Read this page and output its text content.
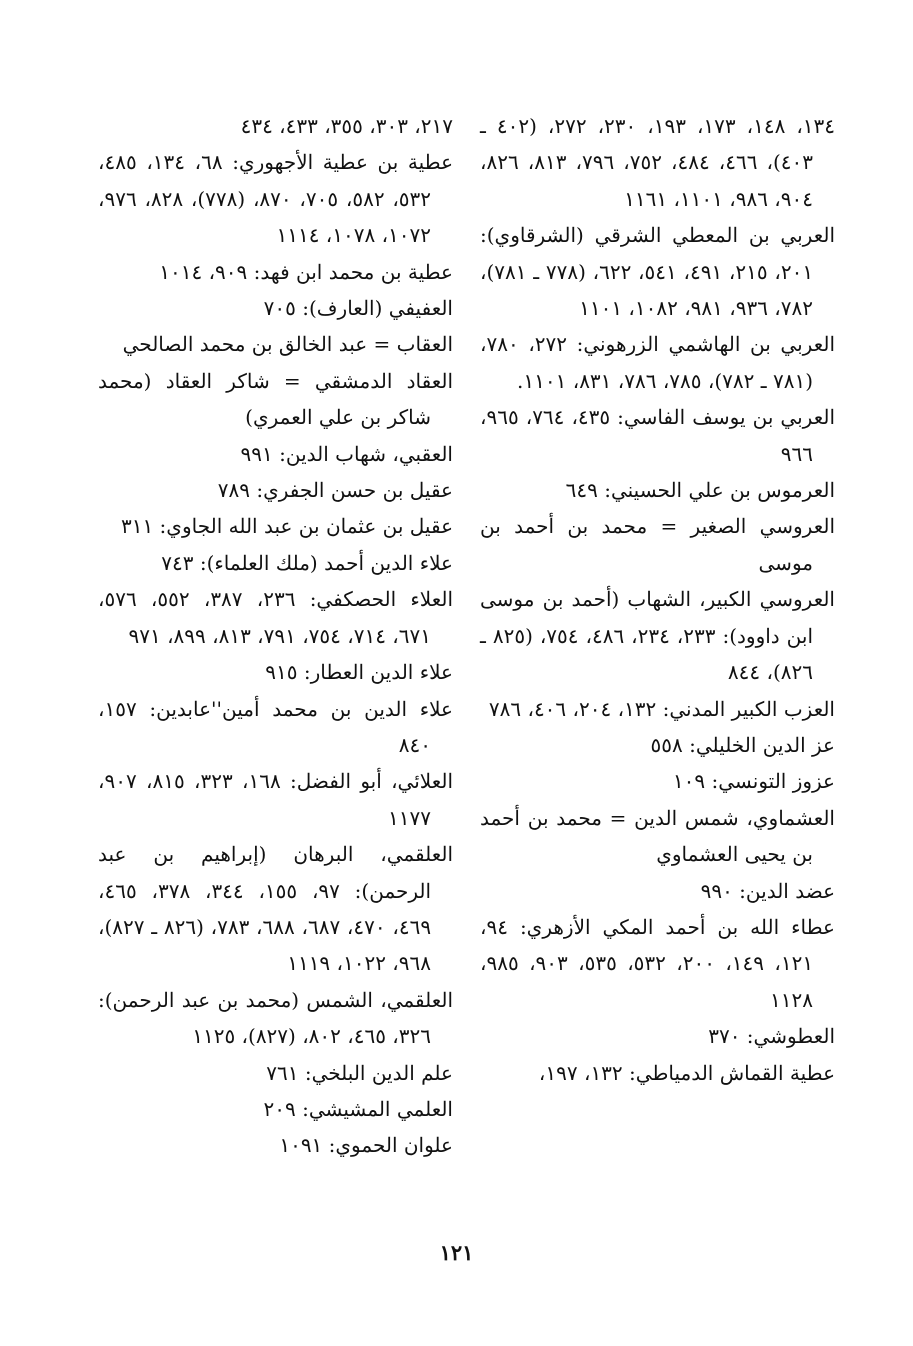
١٣٤، ١٤٨، ١٧٣، ١٩٣، ٢٣٠، ٢٧٢، (٤٠٢ ـ ٤٠٣)، ٤٦٦، ٤٨٤، ٧٥٢، ٧٩٦، ٨١٣، ٨٢٦، ٩٠٤، ٩٨٦، ١١٠١، ١١٦١

العربي بن المعطي الشرقي (الشرقاوي): ٢٠١، ٢١٥، ٤٩١، ٥٤١، ٦٢٢، (٧٧٨ ـ ٧٨١)، ٧٨٢، ٩٣٦، ٩٨١، ١٠٨٢، ١١٠١

العربي بن الهاشمي الزرهوني: ٢٧٢، ٧٨٠، (٧٨١ ـ ٧٨٢)، ٧٨٥، ٧٨٦، ٨٣١، ١١٠١.

العربي بن يوسف الفاسي: ٤٣٥، ٧٦٤، ٩٦٥، ٩٦٦

العرموس بن علي الحسيني: ٦٤٩

العروسي الصغير = محمد بن أحمد بن موسى

العروسي الكبير، الشهاب (أحمد بن موسى ابن داوود): ٢٣٣، ٢٣٤، ٤٨٦، ٧٥٤، (٨٢٥ ـ ٨٢٦)، ٨٤٤

العزب الكبير المدني: ١٣٢، ٢٠٤، ٤٠٦، ٧٨٦

عز الدين الخليلي: ٥٥٨

عزوز التونسي: ١٠٩

العشماوي، شمس الدين = محمد بن أحمد بن يحيى العشماوي

عضد الدين: ٩٩٠

عطاء الله بن أحمد المكي الأزهري: ٩٤، ١٢١، ١٤٩، ٢٠٠، ٥٣٢، ٥٣٥، ٩٠٣، ٩٨٥، ١١٢٨

العطوشي: ٣٧٠

عطية القماش الدمياطي: ١٣٢، ١٩٧،

٢١٧، ٣٠٣، ٣٥٥، ٤٣٣، ٤٣٤

عطية بن عطية الأجهوري: ٦٨، ١٣٤، ٤٨٥، ٥٣٢، ٥٨٢، ٧٠٥، ٨٧٠، (٧٧٨)، ٨٢٨، ٩٧٦، ١٠٧٢، ١٠٧٨، ١١١٤

عطية بن محمد ابن فهد: ٩٠٩، ١٠١٤

العفيفي (العارف): ٧٠٥

العقاب = عبد الخالق بن محمد الصالحي

العقاد الدمشقي = شاكر العقاد (محمد شاكر بن علي العمري)

العقبي، شهاب الدين: ٩٩١

عقيل بن حسن الجفري: ٧٨٩

عقيل بن عثمان بن عبد الله الجاوي: ٣١١

علاء الدين أحمد (ملك العلماء): ٧٤٣

العلاء الحصكفي: ٢٣٦، ٣٨٧، ٥٥٢، ٥٧٦، ٦٧١، ٧١٤، ٧٥٤، ٧٩١، ٨١٣، ٨٩٩، ٩٧١

علاء الدين العطار: ٩١٥

علاء الدين بن محمد أمين''عابدين: ١٥٧، ٨٤٠

العلائي، أبو الفضل: ١٦٨، ٣٢٣، ٨١٥، ٩٠٧، ١١٧٧

العلقمي، البرهان (إبراهيم بن عبد الرحمن): ٩٧، ١٥٥، ٣٤٤، ٣٧٨، ٤٦٥، ٤٦٩، ٤٧٠، ٦٨٧، ٦٨٨، ٧٨٣، (٨٢٦ ـ ٨٢٧)، ٩٦٨، ١٠٢٢، ١١١٩

العلقمي، الشمس (محمد بن عبد الرحمن): ٣٢٦، ٤٦٥، ٨٠٢، (٨٢٧)، ١١٢٥

علم الدين البلخي: ٧٦١

العلمي المشيشي: ٢٠٩

علوان الحموي: ١٠٩١

١٢١
